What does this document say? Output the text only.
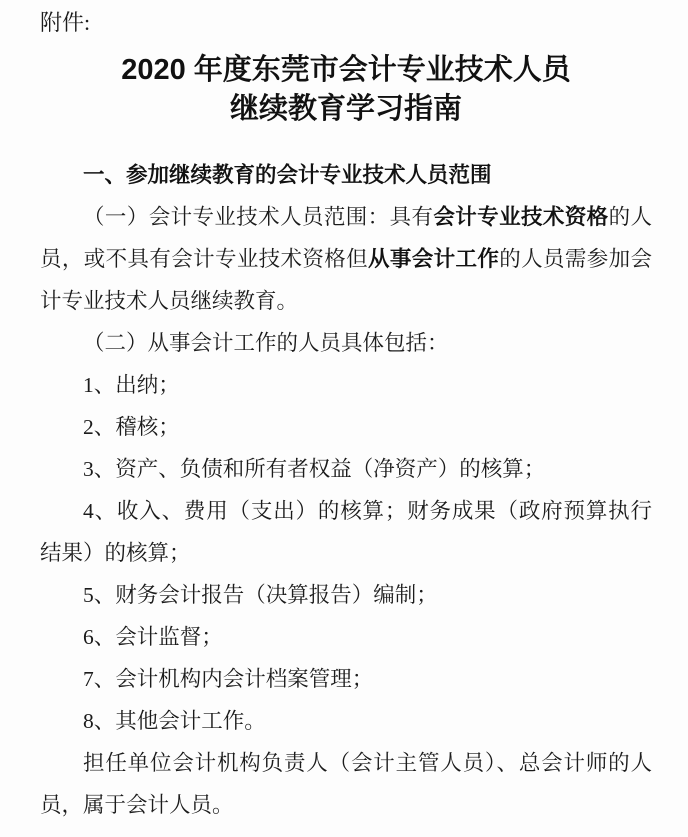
附件:

2020 年度东莞市会计专业技术人员
继续教育学习指南

一、参加继续教育的会计专业技术人员范围

（一）会计专业技术人员范围：具有会计专业技术资格的人员，或不具有会计专业技术资格但从事会计工作的人员需参加会计专业技术人员继续教育。

（二）从事会计工作的人员具体包括：

1、出纳；

2、稽核；

3、资产、负债和所有者权益（净资产）的核算；

4、收入、费用（支出）的核算；财务成果（政府预算执行结果）的核算；

5、财务会计报告（决算报告）编制；

6、会计监督；

7、会计机构内会计档案管理；

8、其他会计工作。

担任单位会计机构负责人（会计主管人员）、总会计师的人员，属于会计人员。
